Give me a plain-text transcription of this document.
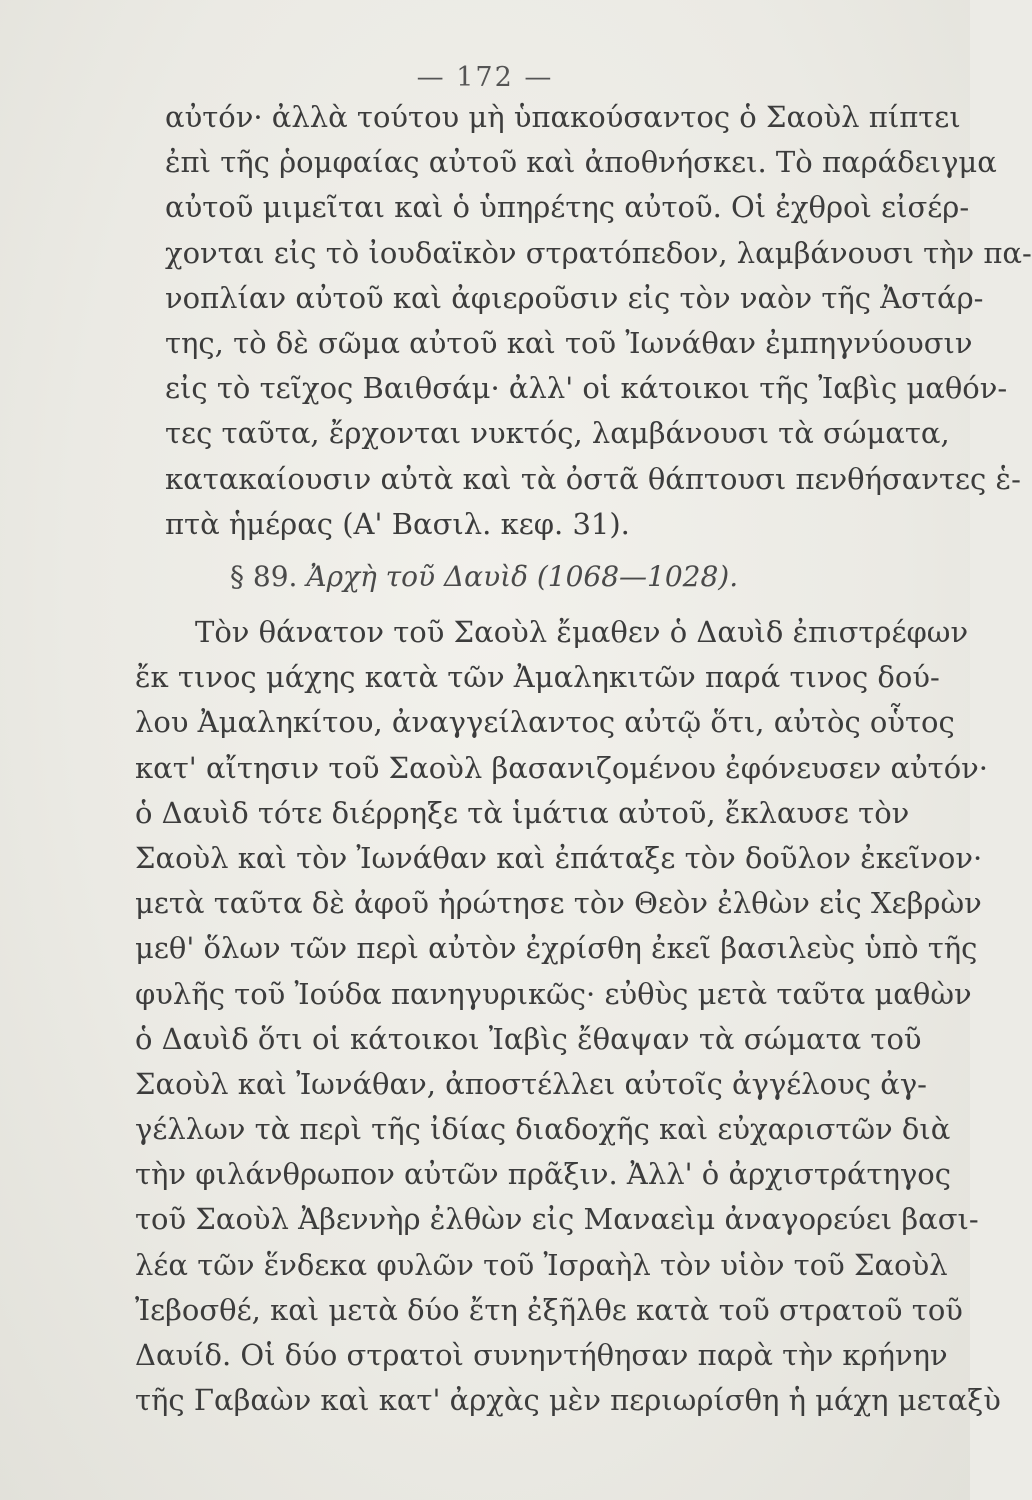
— 172 —
αὐτόν· ἀλλὰ τούτου μὴ ὑπακούσαντος ὁ Σαοὺλ πίπτει
ἐπὶ τῆς ῥομφαίας αὐτοῦ καὶ ἀποθνήσκει. Τὸ παράδειγμα
αὐτοῦ μιμεῖται καὶ ὁ ὑπηρέτης αὐτοῦ. Οἱ ἐχθροὶ εἰσέρ-
χονται εἰς τὸ ἰουδαϊκὸν στρατόπεδον, λαμβάνουσι τὴν πα-
νοπλίαν αὐτοῦ καὶ ἀφιεροῦσιν εἰς τὸν ναὸν τῆς Ἀστάρ-
της, τὸ δὲ σῶμα αὐτοῦ καὶ τοῦ Ἰωνάθαν ἐμπηγνύουσιν
εἰς τὸ τεῖχος Βαιθσάμ· ἀλλ' οἱ κάτοικοι τῆς Ἰαβὶς μαθόν-
τες ταῦτα, ἔρχονται νυκτός, λαμβάνουσι τὰ σώματα,
κατακαίουσιν αὐτὰ καὶ τὰ ὀστᾶ θάπτουσι πενθήσαντες ἑ-
πτὰ ἡμέρας (Α' Βασιλ. κεφ. 31).
§ 89. Ἀρχὴ τοῦ Δαυὶδ (1068—1028).
Τὸν θάνατον τοῦ Σαοὺλ ἔμαθεν ὁ Δαυὶδ ἐπιστρέφων
ἔκ τινος μάχης κατὰ τῶν Ἀμαληκιτῶν παρά τινος δού-
λου Ἀμαληκίτου, ἀναγγείλαντος αὐτῷ ὅτι, αὐτὸς οὗτος
κατ' αἴτησιν τοῦ Σαοὺλ βασανιζομένου ἐφόνευσεν αὐτόν·
ὁ Δαυὶδ τότε διέρρηξε τὰ ἱμάτια αὐτοῦ, ἔκλαυσε τὸν
Σαοὺλ καὶ τὸν Ἰωνάθαν καὶ ἐπάταξε τὸν δοῦλον ἐκεῖνον·
μετὰ ταῦτα δὲ ἀφοῦ ἠρώτησε τὸν Θεὸν ἐλθὼν εἰς Χεβρὼν
μεθ' ὅλων τῶν περὶ αὐτὸν ἐχρίσθη ἐκεῖ βασιλεὺς ὑπὸ τῆς
φυλῆς τοῦ Ἰούδα πανηγυρικῶς· εὐθὺς μετὰ ταῦτα μαθὼν
ὁ Δαυὶδ ὅτι οἱ κάτοικοι Ἰαβὶς ἔθαψαν τὰ σώματα τοῦ
Σαοὺλ καὶ Ἰωνάθαν, ἀποστέλλει αὐτοῖς ἀγγέλους ἀγ-
γέλλων τὰ περὶ τῆς ἰδίας διαδοχῆς καὶ εὐχαριστῶν διὰ
τὴν φιλάνθρωπον αὐτῶν πρᾶξιν. Ἀλλ' ὁ ἀρχιστράτηγος
τοῦ Σαοὺλ Ἀβεννὴρ ἐλθὼν εἰς Μαναεὶμ ἀναγορεύει βασι-
λέα τῶν ἕνδεκα φυλῶν τοῦ Ἰσραὴλ τὸν υἱὸν τοῦ Σαοὺλ
Ἰεβοσθέ, καὶ μετὰ δύο ἔτη ἐξῆλθε κατὰ τοῦ στρατοῦ τοῦ
Δαυίδ. Οἱ δύο στρατοὶ συνηντήθησαν παρὰ τὴν κρήνην
τῆς Γαβαὼν καὶ κατ' ἀρχὰς μὲν περιωρίσθη ἡ μάχη μεταξὺ
